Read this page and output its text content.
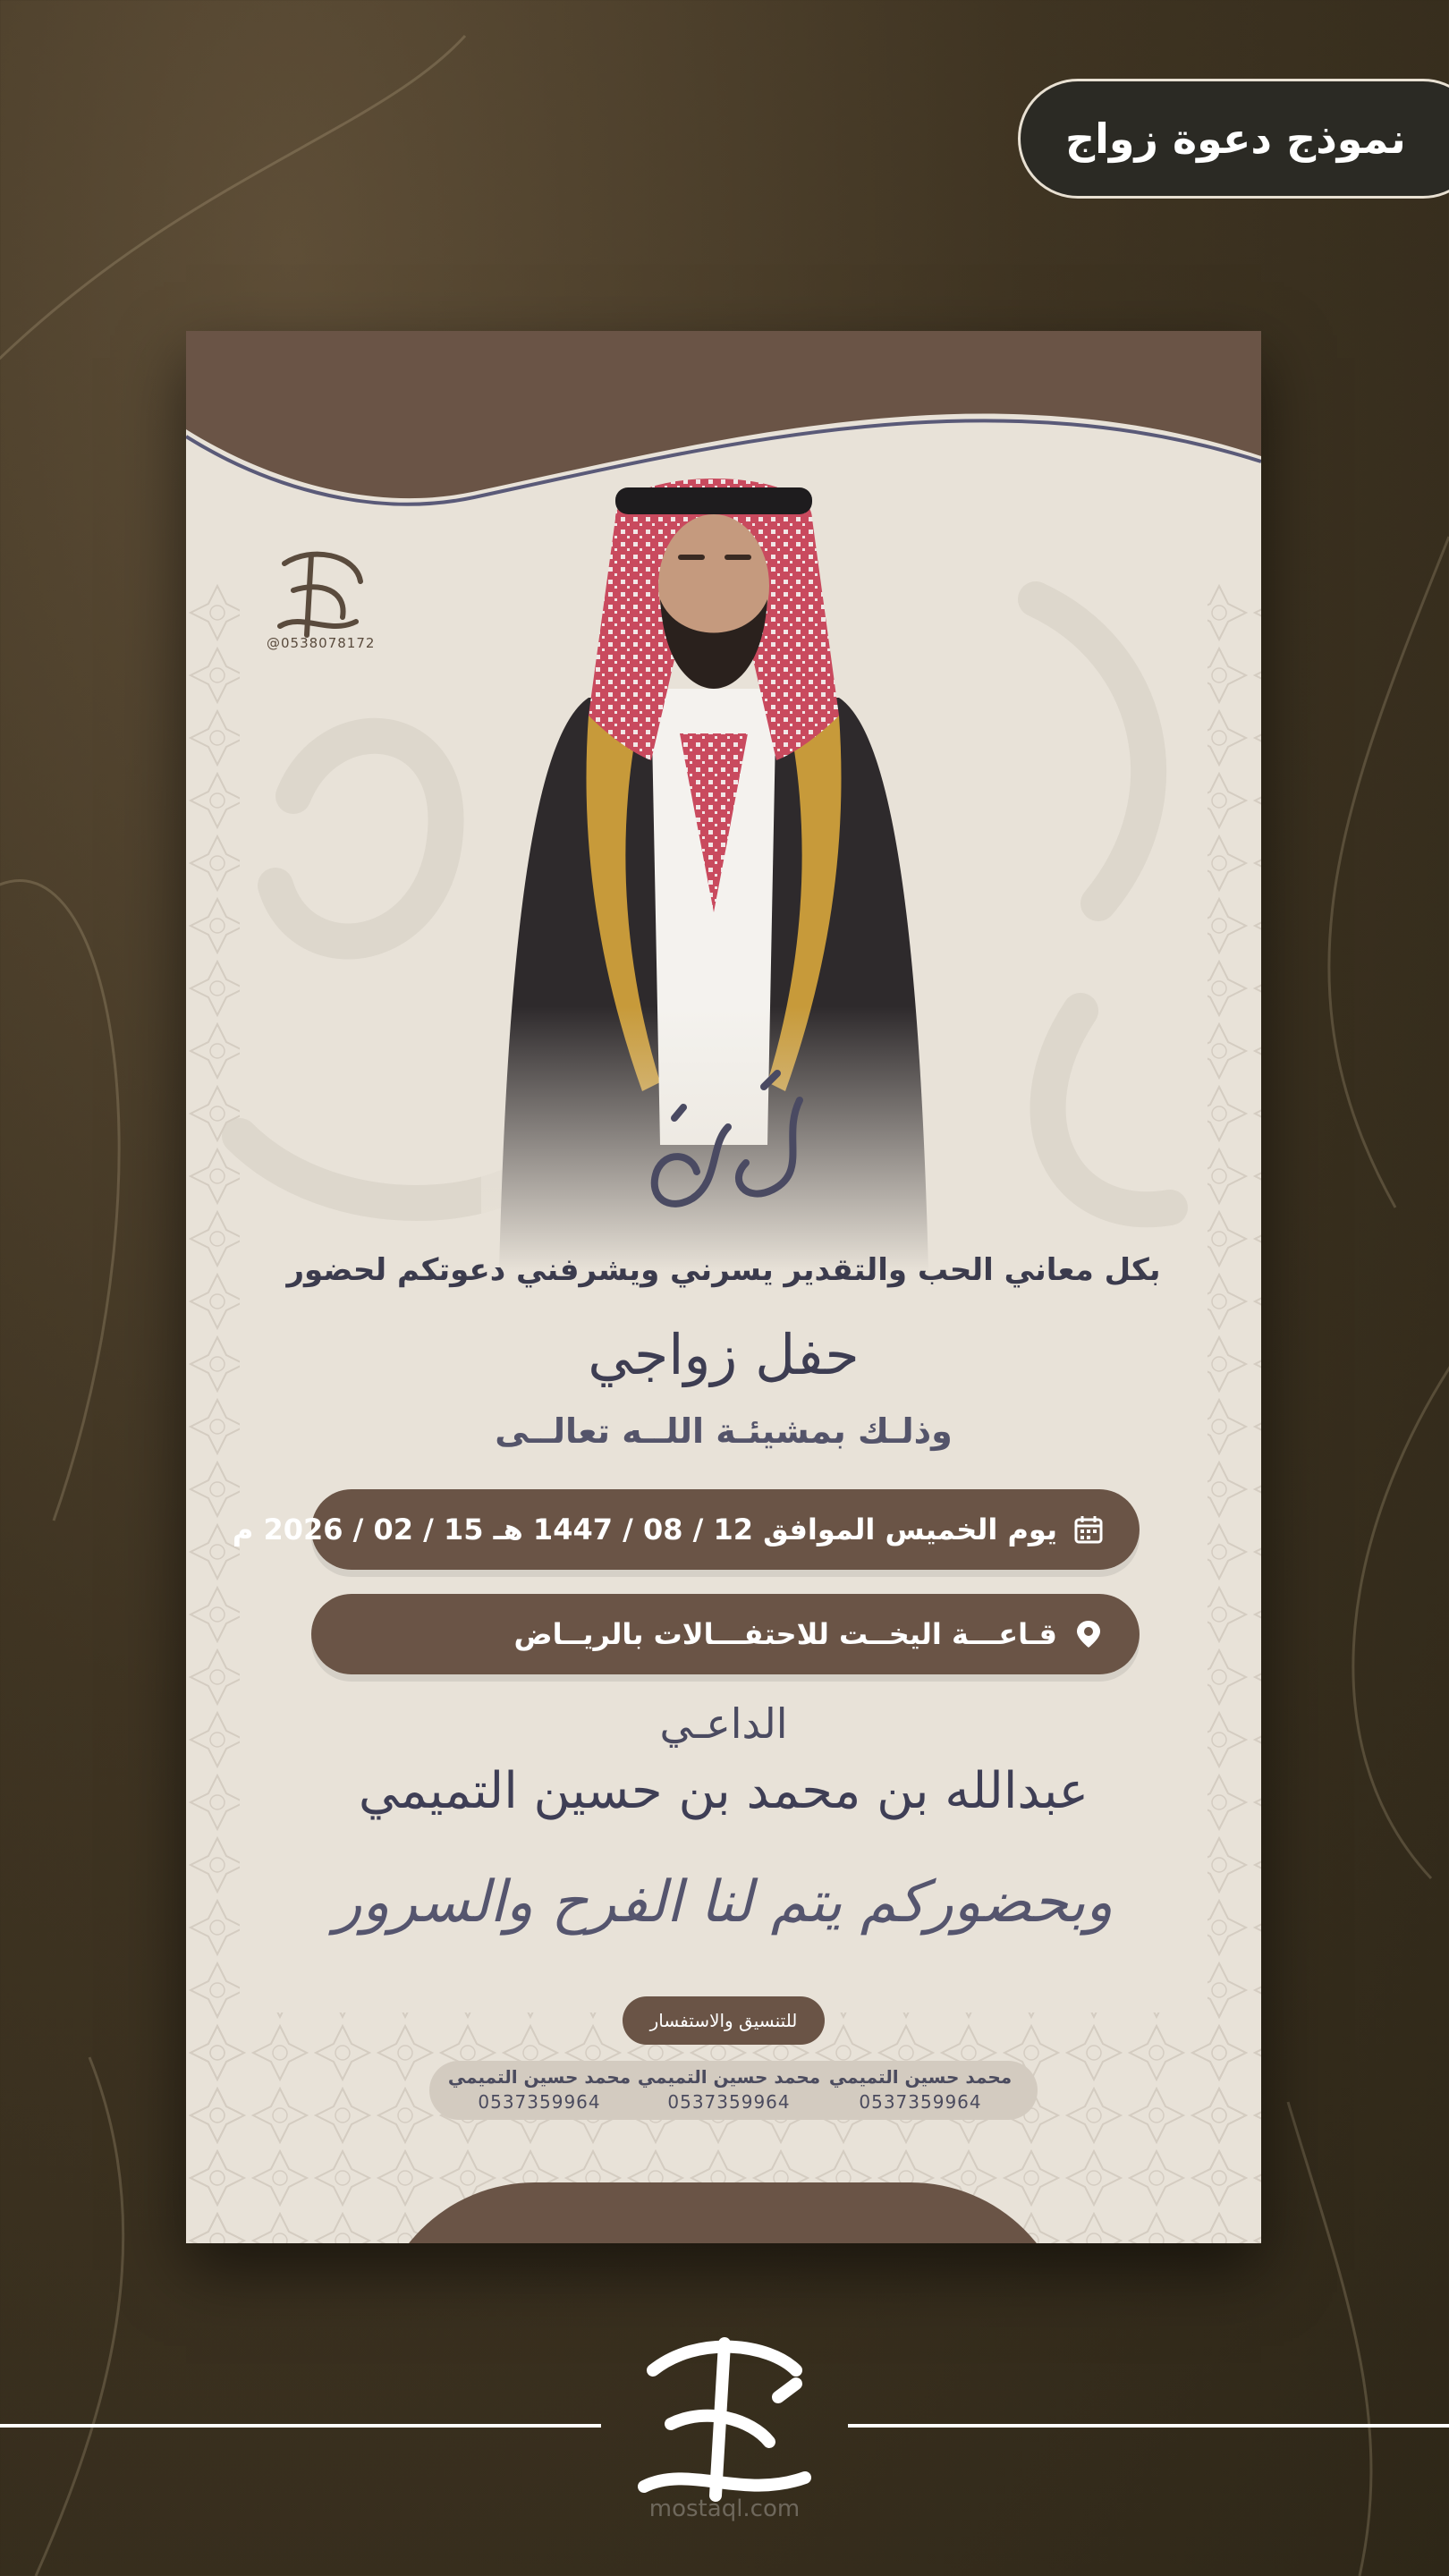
نموذج دعوة زواج
@0538078172
بكل معاني الحب والتقدير يسرني ويشرفني دعوتكم لحضور
حفل زواجي
وذلـك بمشيئـة اللــه تعالــى
يوم الخميس الموافق 12 / 08 / 1447 هـ 15 / 02 / 2026 م
قـاعـــة اليخــت للاحتفـــالات بالريــاض
الداعـي
عبدالله بن محمد بن حسين التميمي
وبحضوركم يتم لنا الفرح والسرور
للتنسيق والاستفسار
محمد حسين التميمي
0537359964
محمد حسين التميمي
0537359964
محمد حسين التميمي
0537359964
mostaql.com
